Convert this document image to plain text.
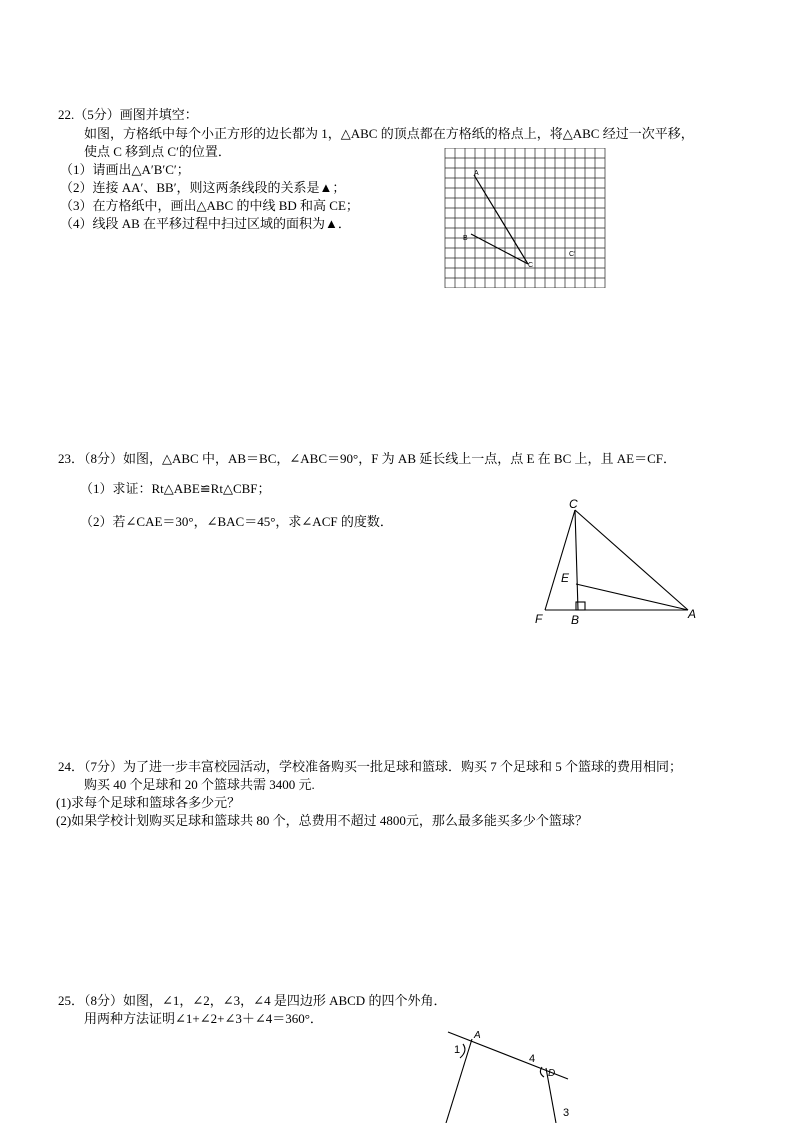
22.（5分）画图并填空：
如图，方格纸中每个小正方形的边长都为 1，△ABC 的顶点都在方格纸的格点上，将△ABC 经过一次平移，
使点 C 移到点 C′的位置．
（1）请画出△A′B′C′；
（2）连接 AA′、BB′，则这两条线段的关系是▲；
（3）在方格纸中，画出△ABC 的中线 BD 和高 CE；
（4）线段 AB 在平移过程中扫过区域的面积为▲．
A
B
C
C′
23．（8分）如图，△ABC 中，AB＝BC，∠ABC＝90°，F 为 AB 延长线上一点，点 E 在 BC 上，且 AE＝CF．
（1）求证：Rt△ABE≌Rt△CBF；
（2）若∠CAE＝30°，∠BAC＝45°，求∠ACF 的度数．
C
E
F B	A
24．（7分）为了进一步丰富校园活动，学校准备购买一批足球和篮球．购买 7 个足球和 5 个篮球的费用相同；
购买 40 个足球和 20 个篮球共需 3400 元.
(1)求每个足球和篮球各多少元？
(2)如果学校计划购买足球和篮球共 80 个，总费用不超过 4800元，那么最多能买多少个篮球？
25．（8分）如图，∠1，∠2，∠3，∠4 是四边形 ABCD 的四个外角．
用两种方法证明∠1+∠2+∠3＋∠4＝360°．
A
1
4
D
3
